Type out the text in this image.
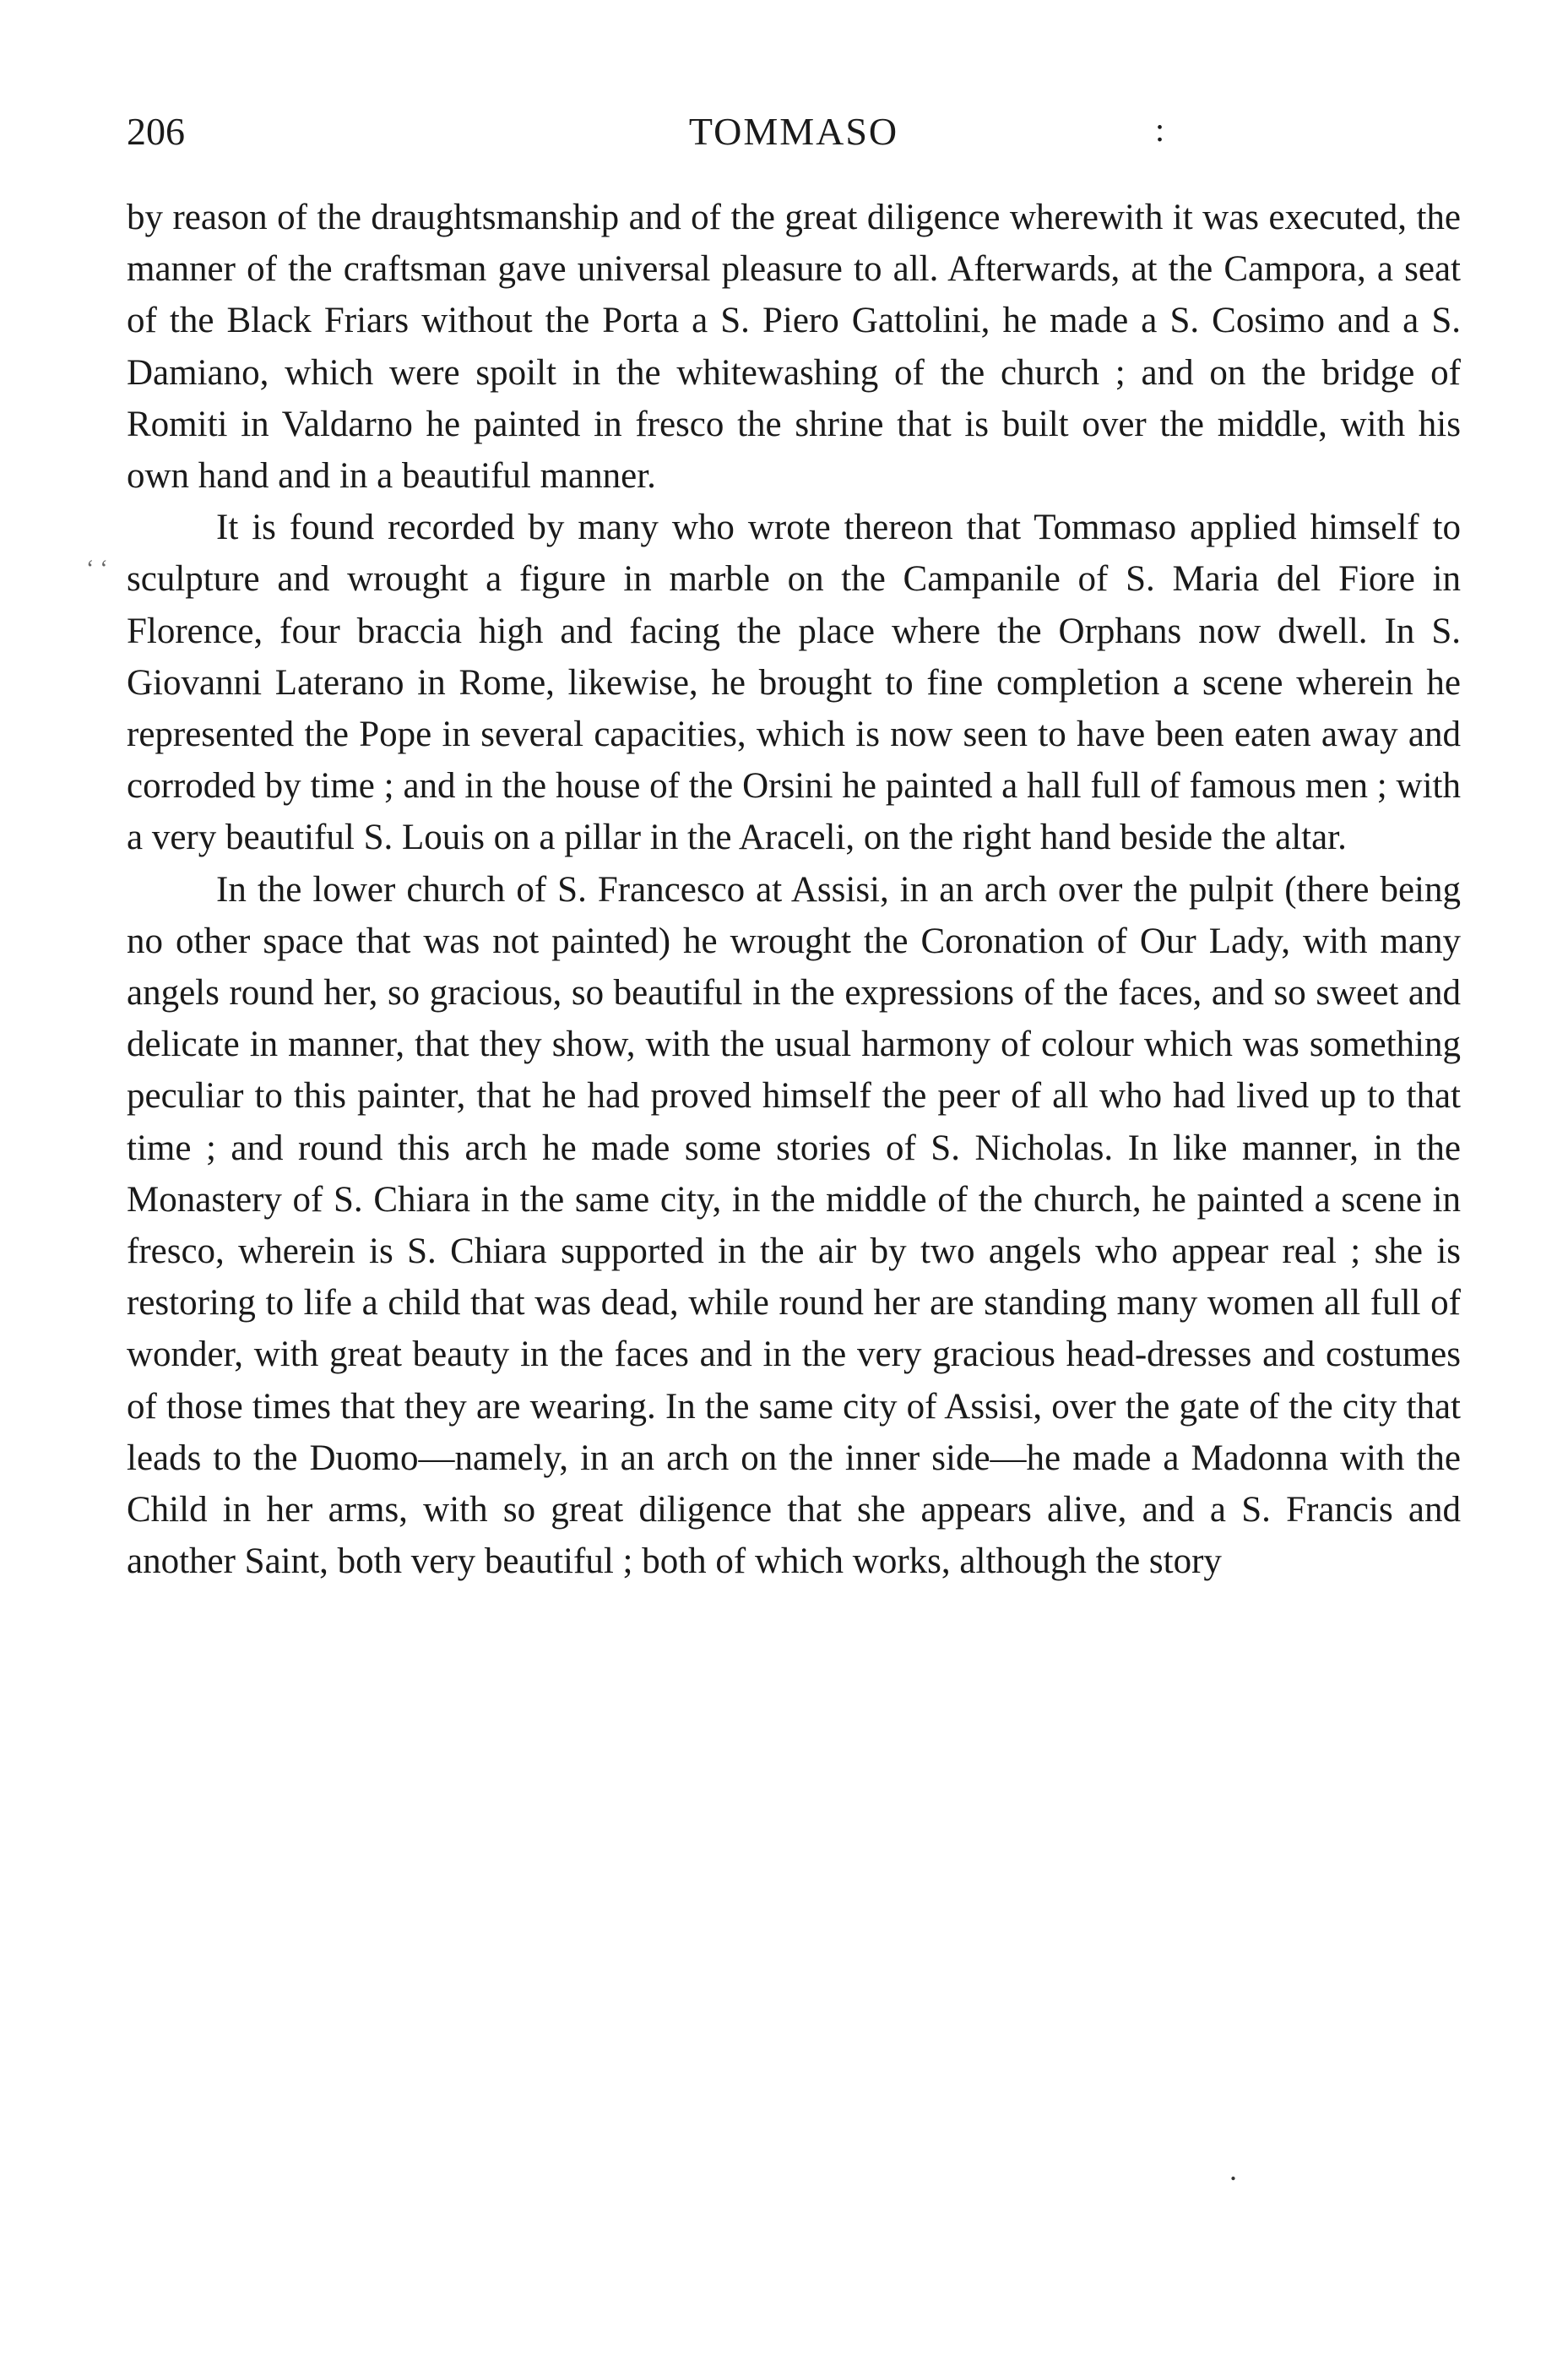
206	TOMMASO	:
‘ ‘

by reason of the draughtsmanship and of the great diligence wherewith it was executed, the manner of the craftsman gave universal pleasure to all. Afterwards, at the Campora, a seat of the Black Friars without the Porta a S. Piero Gattolini, he made a S. Cosimo and a S. Damiano, which were spoilt in the whitewashing of the church ; and on the bridge of Romiti in Valdarno he painted in fresco the shrine that is built over the middle, with his own hand and in a beautiful manner.

It is found recorded by many who wrote thereon that Tommaso applied himself to sculpture and wrought a figure in marble on the Campanile of S. Maria del Fiore in Florence, four braccia high and facing the place where the Orphans now dwell. In S. Giovanni Laterano in Rome, likewise, he brought to fine completion a scene wherein he represented the Pope in several capacities, which is now seen to have been eaten away and corroded by time ; and in the house of the Orsini he painted a hall full of famous men ; with a very beautiful S. Louis on a pillar in the Araceli, on the right hand beside the altar.

In the lower church of S. Francesco at Assisi, in an arch over the pulpit (there being no other space that was not painted) he wrought the Coronation of Our Lady, with many angels round her, so gracious, so beautiful in the expressions of the faces, and so sweet and delicate in manner, that they show, with the usual harmony of colour which was something peculiar to this painter, that he had proved himself the peer of all who had lived up to that time ; and round this arch he made some stories of S. Nicholas. In like manner, in the Monastery of S. Chiara in the same city, in the middle of the church, he painted a scene in fresco, wherein is S. Chiara supported in the air by two angels who appear real ; she is restoring to life a child that was dead, while round her are standing many women all full of wonder, with great beauty in the faces and in the very gracious head-dresses and costumes of those times that they are wearing. In the same city of Assisi, over the gate of the city that leads to the Duomo—namely, in an arch on the inner side—he made a Madonna with the Child in her arms, with so great diligence that she appears alive, and a S. Francis and another Saint, both very beautiful ; both of which works, although the story

.
